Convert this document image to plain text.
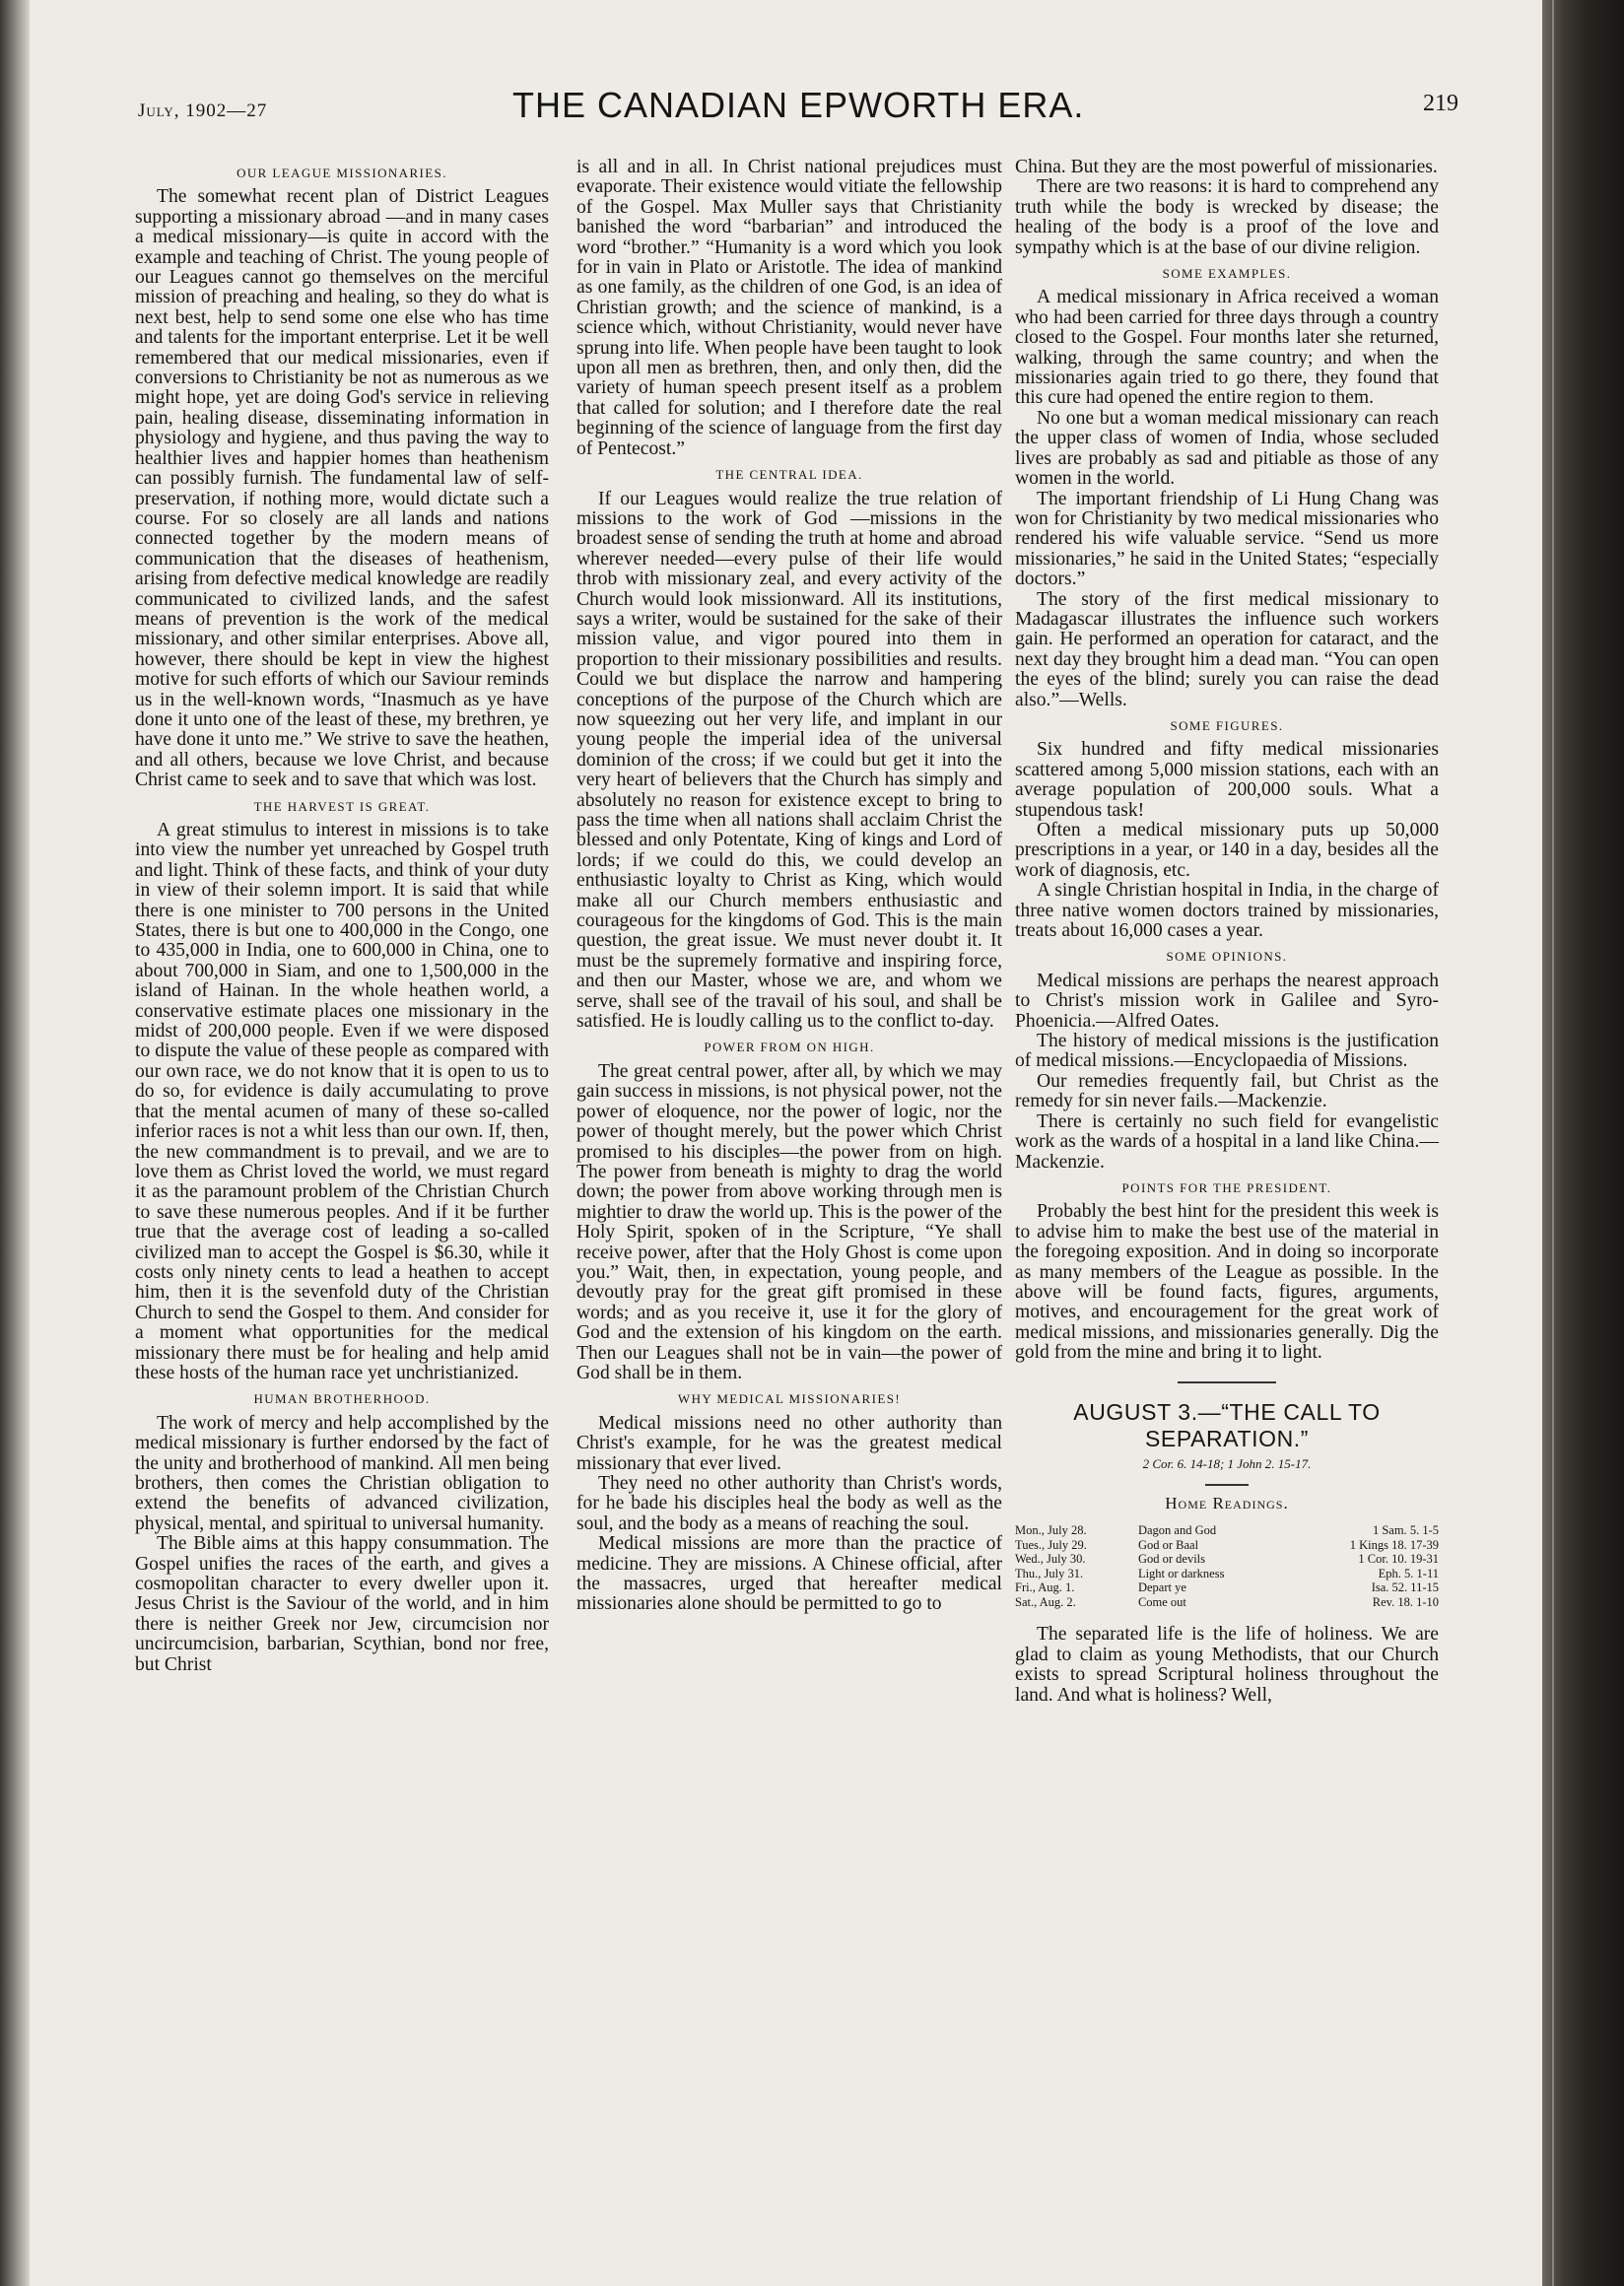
July, 1902—27	THE CANADIAN EPWORTH ERA.	219
OUR LEAGUE MISSIONARIES.

The somewhat recent plan of District Leagues supporting a missionary abroad —and in many cases a medical missionary—is quite in accord with the example and teaching of Christ. The young people of our Leagues cannot go themselves on the merciful mission of preaching and healing, so they do what is next best, help to send some one else who has time and talents for the important enterprise. Let it be well remembered that our medical missionaries, even if conversions to Christianity be not as numerous as we might hope, yet are doing God's service in relieving pain, healing disease, disseminating information in physiology and hygiene, and thus paving the way to healthier lives and happier homes than heathenism can possibly furnish. The fundamental law of self-preservation, if nothing more, would dictate such a course. For so closely are all lands and nations connected together by the modern means of communication that the diseases of heathenism, arising from defective medical knowledge are readily communicated to civilized lands, and the safest means of prevention is the work of the medical missionary, and other similar enterprises. Above all, however, there should be kept in view the highest motive for such efforts of which our Saviour reminds us in the well-known words, “Inasmuch as ye have done it unto one of the least of these, my brethren, ye have done it unto me.” We strive to save the heathen, and all others, because we love Christ, and because Christ came to seek and to save that which was lost.

THE HARVEST IS GREAT.

A great stimulus to interest in missions is to take into view the number yet unreached by Gospel truth and light. Think of these facts, and think of your duty in view of their solemn import. It is said that while there is one minister to 700 persons in the United States, there is but one to 400,000 in the Congo, one to 435,000 in India, one to 600,000 in China, one to about 700,000 in Siam, and one to 1,500,000 in the island of Hainan. In the whole heathen world, a conservative estimate places one missionary in the midst of 200,000 people. Even if we were disposed to dispute the value of these people as compared with our own race, we do not know that it is open to us to do so, for evidence is daily accumulating to prove that the mental acumen of many of these so-called inferior races is not a whit less than our own. If, then, the new commandment is to prevail, and we are to love them as Christ loved the world, we must regard it as the paramount problem of the Christian Church to save these numerous peoples. And if it be further true that the average cost of leading a so-called civilized man to accept the Gospel is $6.30, while it costs only ninety cents to lead a heathen to accept him, then it is the sevenfold duty of the Christian Church to send the Gospel to them. And consider for a moment what opportunities for the medical missionary there must be for healing and help amid these hosts of the human race yet unchristianized.

HUMAN BROTHERHOOD.

The work of mercy and help accomplished by the medical missionary is further endorsed by the fact of the unity and brotherhood of mankind. All men being brothers, then comes the Christian obligation to extend the benefits of advanced civilization, physical, mental, and spiritual to universal humanity.

The Bible aims at this happy consummation. The Gospel unifies the races of the earth, and gives a cosmopolitan character to every dweller upon it. Jesus Christ is the Saviour of the world, and in him there is neither Greek nor Jew, circumcision nor uncircumcision, barbarian, Scythian, bond nor free, but Christ

is all and in all. In Christ national prejudices must evaporate. Their existence would vitiate the fellowship of the Gospel. Max Muller says that Christianity banished the word “barbarian” and introduced the word “brother.” “Humanity is a word which you look for in vain in Plato or Aristotle. The idea of mankind as one family, as the children of one God, is an idea of Christian growth; and the science of mankind, is a science which, without Christianity, would never have sprung into life. When people have been taught to look upon all men as brethren, then, and only then, did the variety of human speech present itself as a problem that called for solution; and I therefore date the real beginning of the science of language from the first day of Pentecost.”

THE CENTRAL IDEA.

If our Leagues would realize the true relation of missions to the work of God —missions in the broadest sense of sending the truth at home and abroad wherever needed—every pulse of their life would throb with missionary zeal, and every activity of the Church would look missionward. All its institutions, says a writer, would be sustained for the sake of their mission value, and vigor poured into them in proportion to their missionary possibilities and results. Could we but displace the narrow and hampering conceptions of the purpose of the Church which are now squeezing out her very life, and implant in our young people the imperial idea of the universal dominion of the cross; if we could but get it into the very heart of believers that the Church has simply and absolutely no reason for existence except to bring to pass the time when all nations shall acclaim Christ the blessed and only Potentate, King of kings and Lord of lords; if we could do this, we could develop an enthusiastic loyalty to Christ as King, which would make all our Church members enthusiastic and courageous for the kingdoms of God. This is the main question, the great issue. We must never doubt it. It must be the supremely formative and inspiring force, and then our Master, whose we are, and whom we serve, shall see of the travail of his soul, and shall be satisfied. He is loudly calling us to the conflict to-day.

POWER FROM ON HIGH.

The great central power, after all, by which we may gain success in missions, is not physical power, not the power of eloquence, nor the power of logic, nor the power of thought merely, but the power which Christ promised to his disciples—the power from on high. The power from beneath is mighty to drag the world down; the power from above working through men is mightier to draw the world up. This is the power of the Holy Spirit, spoken of in the Scripture, “Ye shall receive power, after that the Holy Ghost is come upon you.” Wait, then, in expectation, young people, and devoutly pray for the great gift promised in these words; and as you receive it, use it for the glory of God and the extension of his kingdom on the earth. Then our Leagues shall not be in vain—the power of God shall be in them.

WHY MEDICAL MISSIONARIES!

Medical missions need no other authority than Christ's example, for he was the greatest medical missionary that ever lived.

They need no other authority than Christ's words, for he bade his disciples heal the body as well as the soul, and the body as a means of reaching the soul.

Medical missions are more than the practice of medicine. They are missions. A Chinese official, after the massacres, urged that hereafter medical missionaries alone should be permitted to go to

China. But they are the most powerful of missionaries.

There are two reasons: it is hard to comprehend any truth while the body is wrecked by disease; the healing of the body is a proof of the love and sympathy which is at the base of our divine religion.

SOME EXAMPLES.

A medical missionary in Africa received a woman who had been carried for three days through a country closed to the Gospel. Four months later she returned, walking, through the same country; and when the missionaries again tried to go there, they found that this cure had opened the entire region to them.

No one but a woman medical missionary can reach the upper class of women of India, whose secluded lives are probably as sad and pitiable as those of any women in the world.

The important friendship of Li Hung Chang was won for Christianity by two medical missionaries who rendered his wife valuable service. “Send us more missionaries,” he said in the United States; “especially doctors.”

The story of the first medical missionary to Madagascar illustrates the influence such workers gain. He performed an operation for cataract, and the next day they brought him a dead man. “You can open the eyes of the blind; surely you can raise the dead also.”—Wells.

SOME FIGURES.

Six hundred and fifty medical missionaries scattered among 5,000 mission stations, each with an average population of 200,000 souls. What a stupendous task!

Often a medical missionary puts up 50,000 prescriptions in a year, or 140 in a day, besides all the work of diagnosis, etc.

A single Christian hospital in India, in the charge of three native women doctors trained by missionaries, treats about 16,000 cases a year.

SOME OPINIONS.

Medical missions are perhaps the nearest approach to Christ's mission work in Galilee and Syro-Phoenicia.—Alfred Oates.

The history of medical missions is the justification of medical missions.—Encyclopaedia of Missions.

Our remedies frequently fail, but Christ as the remedy for sin never fails.—Mackenzie.

There is certainly no such field for evangelistic work as the wards of a hospital in a land like China.—Mackenzie.

POINTS FOR THE PRESIDENT.

Probably the best hint for the president this week is to advise him to make the best use of the material in the foregoing exposition. And in doing so incorporate as many members of the League as possible. In the above will be found facts, figures, arguments, motives, and encouragement for the great work of medical missions, and missionaries generally. Dig the gold from the mine and bring it to light.

AUGUST 3.—“THE CALL TO SEPARATION.”

2 Cor. 6. 14-18; 1 John 2. 15-17.

Home Readings.
Mon., July 28.	Dagon and God	1 Sam. 5. 1-5
Tues., July 29.	God or Baal	1 Kings 18. 17-39
Wed., July 30.	God or devils	1 Cor. 10. 19-31
Thu., July 31.	Light or darkness	Eph. 5. 1-11
Fri., Aug. 1.	Depart ye	Isa. 52. 11-15
Sat., Aug. 2.	Come out	Rev. 18. 1-10

The separated life is the life of holiness. We are glad to claim as young Methodists, that our Church exists to spread Scriptural holiness throughout the land. And what is holiness? Well,
